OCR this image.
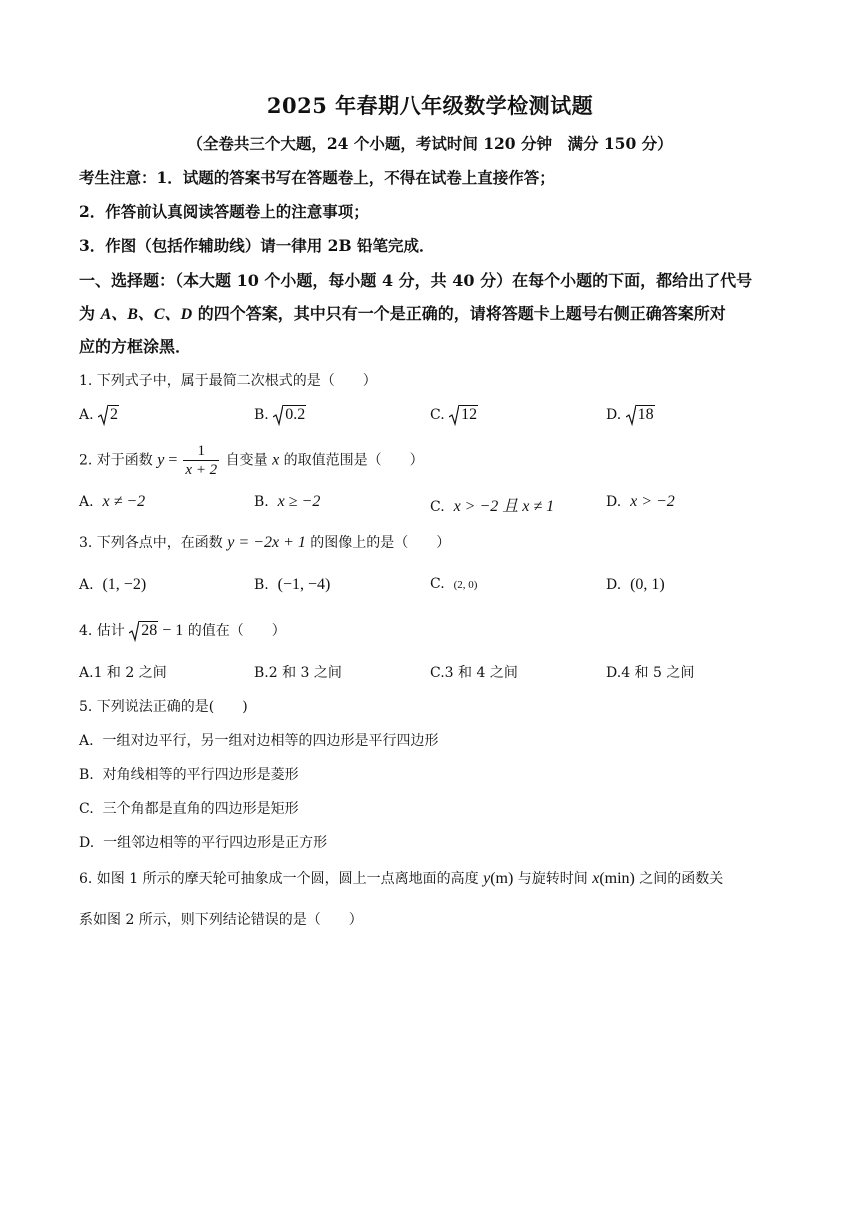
2025 年春期八年级数学检测试题
（全卷共三个大题，24 个小题，考试时间 120 分钟　满分 150 分）
考生注意：1．试题的答案书写在答题卷上，不得在试卷上直接作答；
2．作答前认真阅读答题卷上的注意事项；
3．作图（包括作辅助线）请一律用 2B 铅笔完成．
一、选择题：（本大题 10 个小题，每小题 4 分，共 40 分）在每个小题的下面，都给出了代号
为 A、B、C、D 的四个答案，其中只有一个是正确的，请将答题卡上题号右侧正确答案所对
应的方框涂黑．
1. 下列式子中，属于最简二次根式的是（　　）
A. 2	B. 0.2	C. 12	D. 18
2. 对于函数 $y = \frac{1}{x + 2}$ 自变量 x 的取值范围是（　　）
A. x ≠ −2	B. x ≥ −2	C. x > −2 且 x ≠ 1	D. x > −2
3. 下列各点中，在函数 y = −2x + 1 的图像上的是（　　）
A. (1, −2)	B. (−1, −4)	C. (2, 0)	D. (0, 1)
4. 估计 28 − 1 的值在（　　）
A.1 和 2 之间	B.2 和 3 之间	C.3 和 4 之间	D.4 和 5 之间
5. 下列说法正确的是(　　)
A. 一组对边平行，另一组对边相等的四边形是平行四边形
B. 对角线相等的平行四边形是菱形
C. 三个角都是直角的四边形是矩形
D. 一组邻边相等的平行四边形是正方形
6. 如图 1 所示的摩天轮可抽象成一个圆，圆上一点离地面的高度 y(m) 与旋转时间 x(min) 之间的函数关
系如图 2 所示，则下列结论错误的是（　　）
